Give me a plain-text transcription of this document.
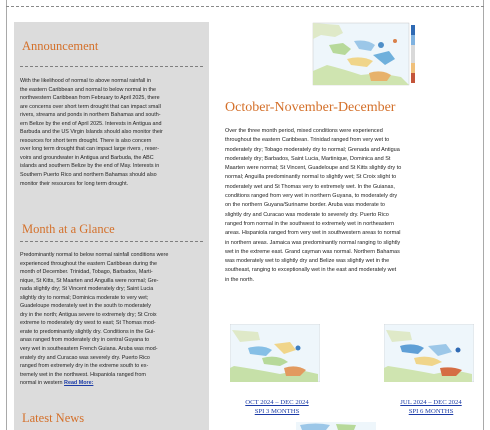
Announcement
With the likelihood of normal to above normal rainfall in
the eastern Caribbean and normal to below normal in the
northwestern Caribbean from February to April 2025, there
are concerns over short term drought that can impact small
rivers, streams and ponds in northern Bahamas and south-
ern Belize by the end of April 2025. Interests in Antigua and
Barbuda and the US Virgin Islands should also monitor their
resources for short term drought. There is also concern
over long term drought that can impact large rivers , reser-
voirs and groundwater in Antigua and Barbuda, the ABC
islands and southern Belize by the end of May. Interests in
Southern Puerto Rico and northern Bahamas should also
monitor their resources for long term drought.
Month at a Glance
Predominantly normal to below normal rainfall conditions were
experienced throughout the eastern Caribbean during the
month of December. Trinidad, Tobago, Barbados, Marti-
nique, St Kitts, St Maarten and Anguilla were normal; Gre-
nada slightly dry; St Vincent moderately dry; Saint Lucia
slightly dry to normal; Dominica moderate to very wet;
Guadeloupe moderately wet in the south to moderately
dry in the north; Antigua severe to extremely dry; St Croix
extreme to moderately dry west to east; St Thomas mod-
erate to predominantly slightly dry. Conditions in the Gui-
anas ranged from moderately dry in central Guyana to
very wet in southeastern French Guiana. Aruba was mod-
erately dry and Curacao was severely dry. Puerto Rico
ranged from extremely dry in the extreme south to ex-
tremely wet in the northwest. Hispaniola ranged from
normal in western Read More:
Latest News
October-November-December
Over the three month period, mixed conditions were experienced
throughout the eastern Caribbean. Trinidad ranged from very wet to
moderately dry; Tobago moderately dry to normal; Grenada and Antigua
moderately dry; Barbados, Saint Lucia, Martinique, Dominica and St
Maarten were normal; St Vincent, Guadeloupe and St Kitts slightly dry to
normal; Anguilla predominantly normal to slightly wet; St Croix slight to
moderately wet and St Thomas very to extremely wet. In the Guianas,
conditions ranged from very wet in northern Guyana, to moderately dry
on the northern Guyana/Suriname border. Aruba was moderate to
slightly dry and Curacao was moderate to severely dry. Puerto Rico
ranged from normal in the southwest to extremely wet in northeastern
areas. Hispaniola ranged from very wet in southwestern areas to normal
in northern areas. Jamaica was predominantly normal ranging to slightly
wet in the extreme east. Grand cayman was normal. Northern Bahamas
was moderately wet to slightly dry and Belize was slightly wet in the
southeast, ranging to exceptionally wet in the east and moderately wet
in the north.
OCT 2024 – DEC 2024
SPI 3 MONTHS
JUL 2024 – DEC 2024
SPI 6 MONTHS
